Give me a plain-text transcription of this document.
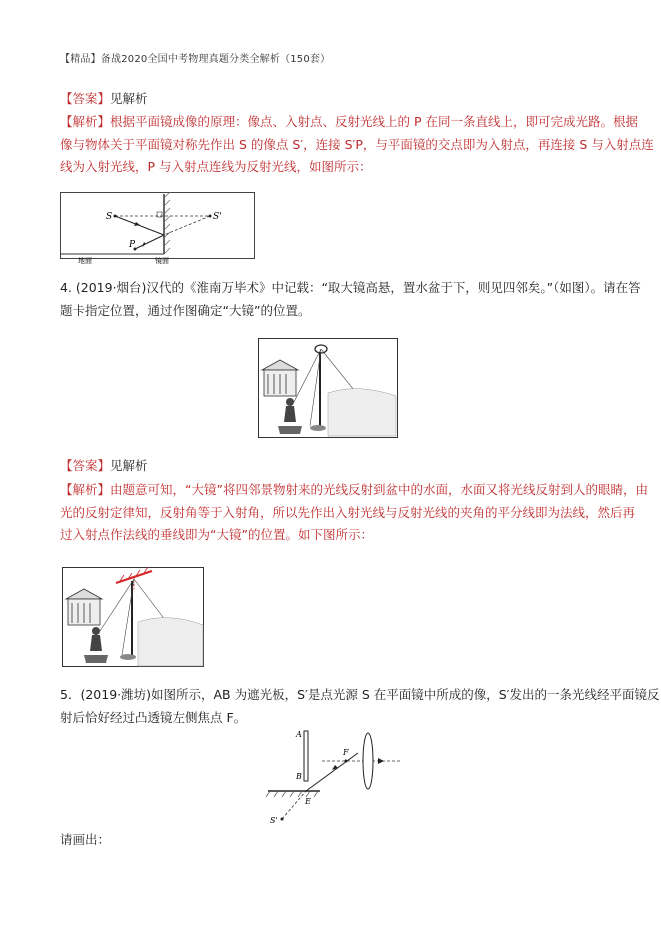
【精品】备战2020全国中考物理真题分类全解析（150套）
【答案】见解析
【解析】根据平面镜成像的原理：像点、入射点、反射光线上的 P 在同一条直线上，即可完成光路。根据
像与物体关于平面镜对称先作出 S 的像点 S′，连接 S′P，与平面镜的交点即为入射点，再连接 S 与入射点连
线为入射光线，P 与入射点连线为反射光线，如图所示：
S	S'
P
地面	镜面
4. (2019·烟台)汉代的《淮南万毕术》中记载：“取大镜高悬，置水盆于下，则见四邻矣。”（如图）。请在答
题卡指定位置，通过作图确定“大镜”的位置。
【答案】见解析
【解析】由题意可知，“大镜”将四邻景物射来的光线反射到盆中的水面，水面又将光线反射到人的眼睛，由
光的反射定律知，反射角等于入射角，所以先作出入射光线与反射光线的夹角的平分线即为法线，然后再
过入射点作法线的垂线即为“大镜”的位置。如下图所示：
5．(2019·潍坊)如图所示，AB 为遮光板，S′是点光源 S 在平面镜中所成的像，S′发出的一条光线经平面镜反
射后恰好经过凸透镜左侧焦点 F。
A
B
S'
E
F
请画出：
